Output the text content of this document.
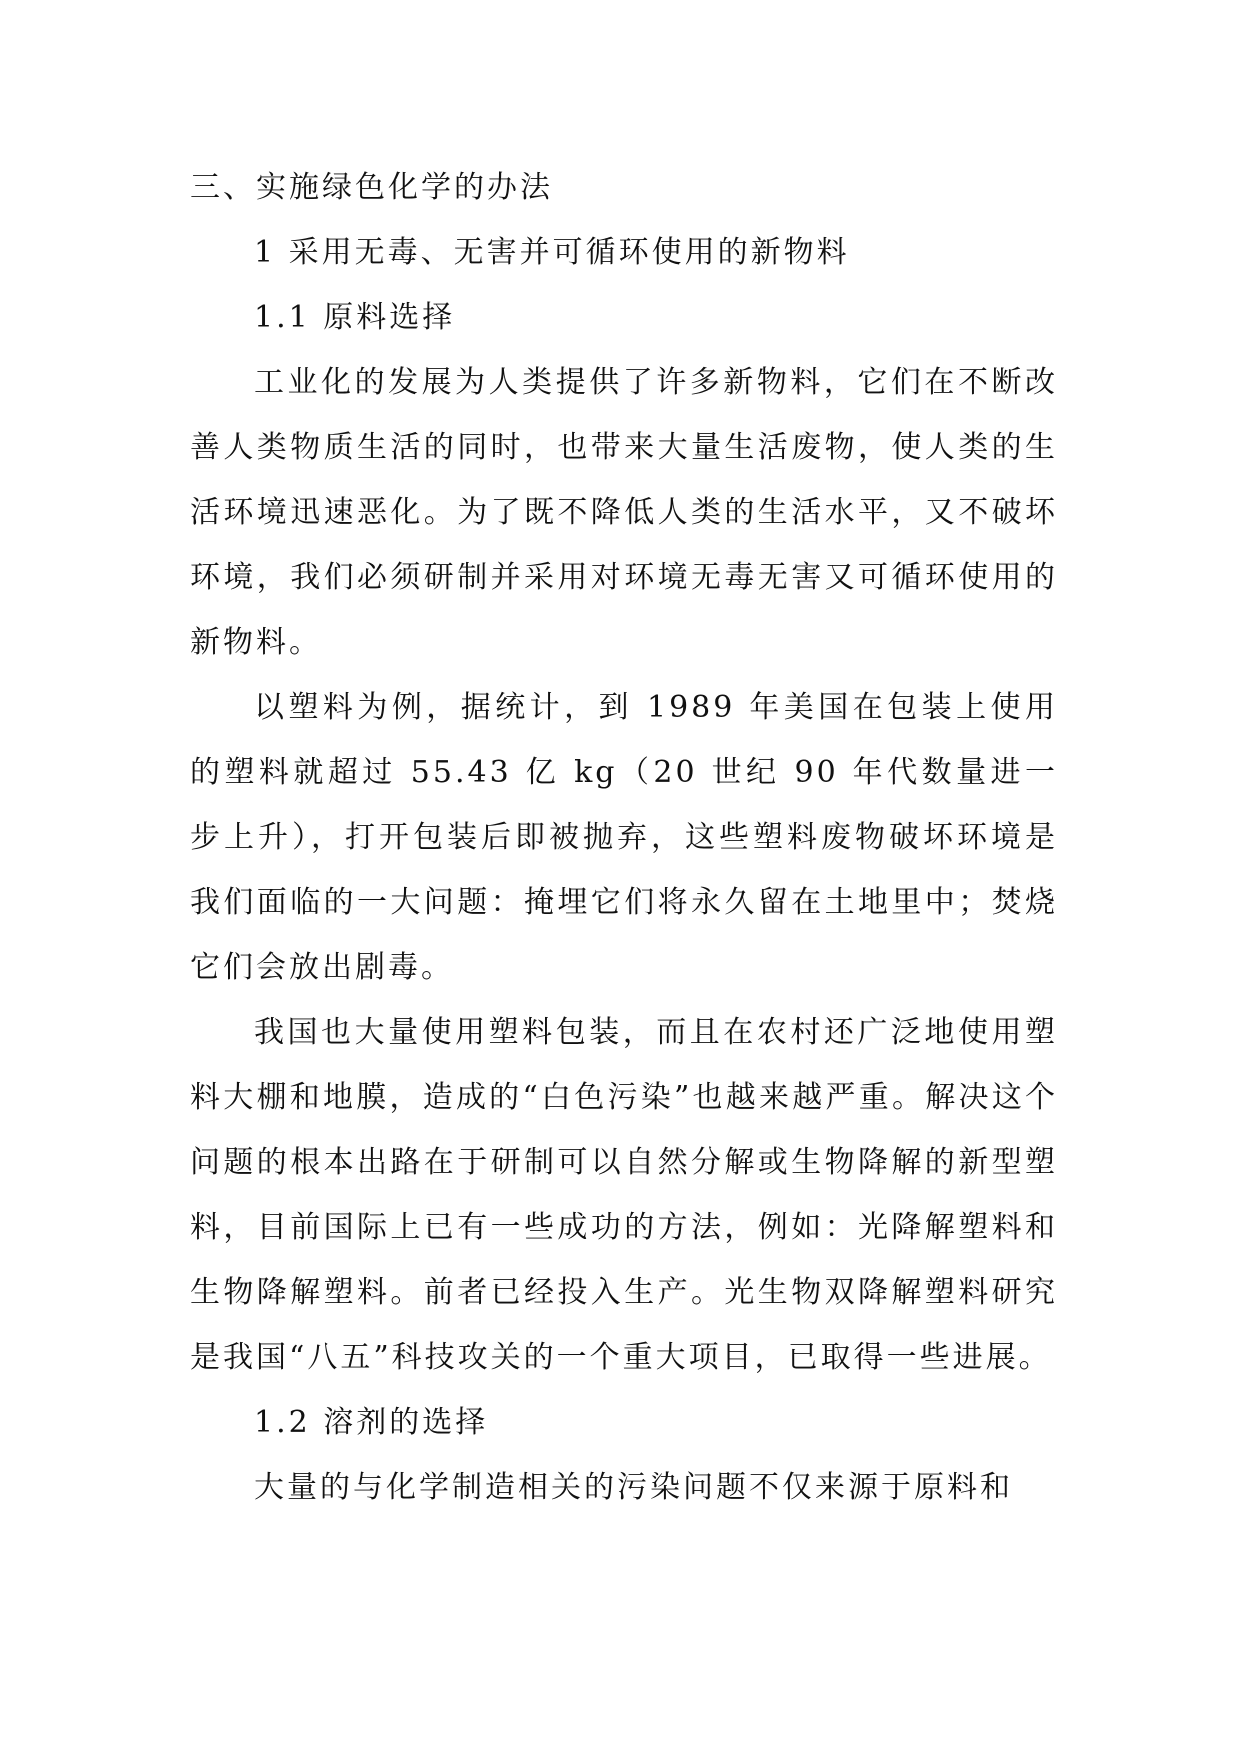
三、实施绿色化学的办法

1 采用无毒、无害并可循环使用的新物料

1.1 原料选择

工业化的发展为人类提供了许多新物料，它们在不断改善人类物质生活的同时，也带来大量生活废物，使人类的生活环境迅速恶化。为了既不降低人类的生活水平，又不破坏环境，我们必须研制并采用对环境无毒无害又可循环使用的新物料。

以塑料为例，据统计，到 1989 年美国在包装上使用的塑料就超过 55.43 亿 kg（20 世纪 90 年代数量进一步上升），打开包装后即被抛弃，这些塑料废物破坏环境是我们面临的一大问题：掩埋它们将永久留在土地里中；焚烧它们会放出剧毒。

我国也大量使用塑料包装，而且在农村还广泛地使用塑料大棚和地膜，造成的“白色污染”也越来越严重。解决这个问题的根本出路在于研制可以自然分解或生物降解的新型塑料，目前国际上已有一些成功的方法，例如：光降解塑料和生物降解塑料。前者已经投入生产。光生物双降解塑料研究是我国“八五”科技攻关的一个重大项目，已取得一些进展。

1.2 溶剂的选择

大量的与化学制造相关的污染问题不仅来源于原料和
